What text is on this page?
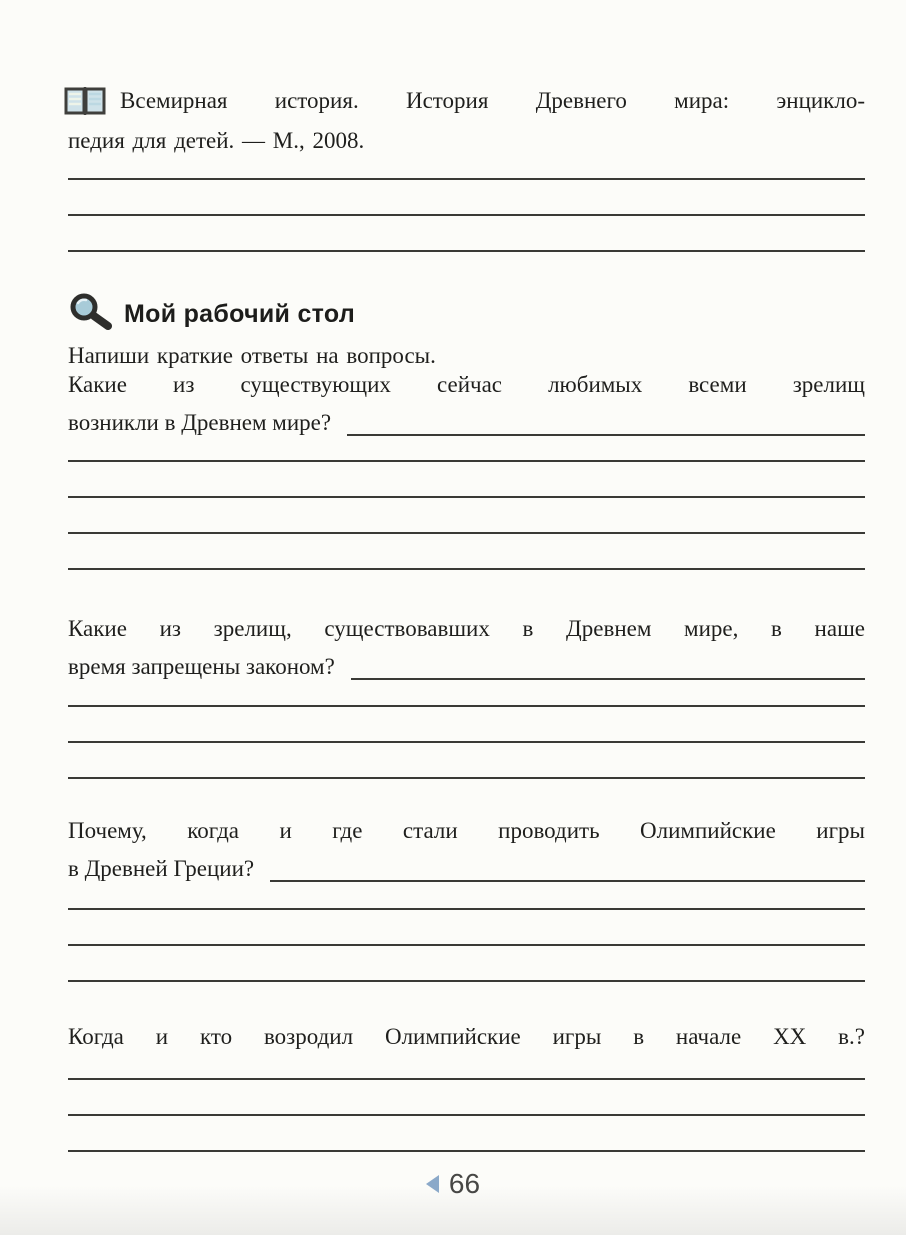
Всемирная история. История Древнего мира: энцикло-
педия для детей. — М., 2008.
Мой рабочий стол
Напиши краткие ответы на вопросы.
Какие из существующих сейчас любимых всеми зрелищ
возникли в Древнем мире?
Какие из зрелищ, существовавших в Древнем мире, в наше
время запрещены законом?
Почему, когда и где стали проводить Олимпийские игры
в Древней Греции?
Когда и кто возродил Олимпийские игры в начале XX в.?
66
